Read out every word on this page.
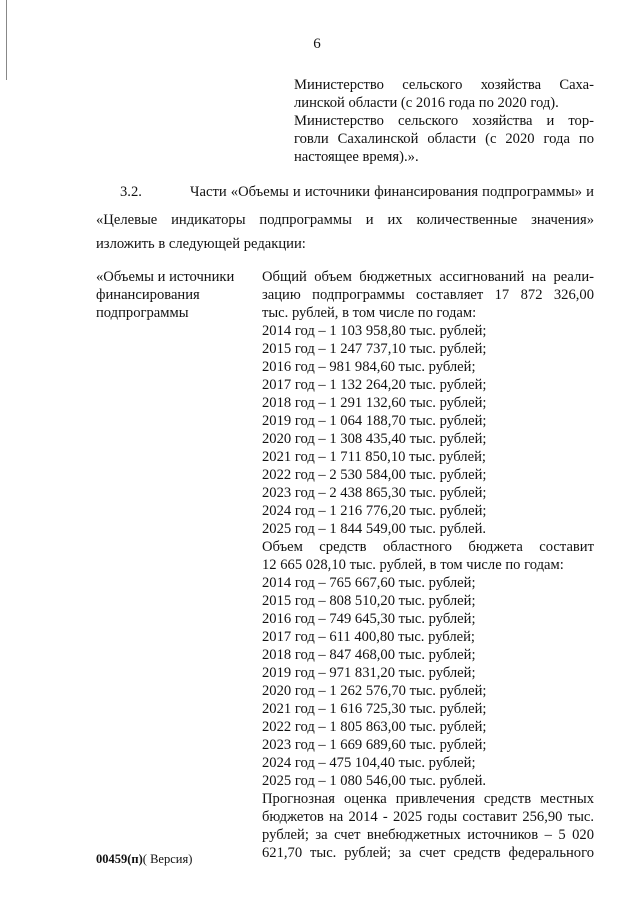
6
Министерство сельского хозяйства Саха-
линской области (с 2016 года по 2020 год).
Министерство сельского хозяйства и тор-
говли Сахалинской области (с 2020 года по
настоящее время).».
3.2.	Части «Объемы и источники финансирования подпрограммы» и
«Целевые индикаторы подпрограммы и их количественные значения»
изложить в следующей редакции:
«Объемы и источники
финансирования
подпрограммы
Общий объем бюджетных ассигнований на реали-
зацию подпрограммы составляет 17 872 326,00
тыс. рублей, в том числе по годам:
2014 год – 1 103 958,80 тыс. рублей;
2015 год – 1 247 737,10 тыс. рублей;
2016 год – 981 984,60 тыс. рублей;
2017 год – 1 132 264,20 тыс. рублей;
2018 год – 1 291 132,60 тыс. рублей;
2019 год – 1 064 188,70 тыс. рублей;
2020 год – 1 308 435,40 тыс. рублей;
2021 год – 1 711 850,10 тыс. рублей;
2022 год – 2 530 584,00 тыс. рублей;
2023 год – 2 438 865,30 тыс. рублей;
2024 год – 1 216 776,20 тыс. рублей;
2025 год – 1 844 549,00 тыс. рублей.
Объем средств областного бюджета составит
12 665 028,10 тыс. рублей, в том числе по годам:
2014 год – 765 667,60 тыс. рублей;
2015 год – 808 510,20 тыс. рублей;
2016 год – 749 645,30 тыс. рублей;
2017 год – 611 400,80 тыс. рублей;
2018 год – 847 468,00 тыс. рублей;
2019 год – 971 831,20 тыс. рублей;
2020 год – 1 262 576,70 тыс. рублей;
2021 год – 1 616 725,30 тыс. рублей;
2022 год – 1 805 863,00 тыс. рублей;
2023 год – 1 669 689,60 тыс. рублей;
2024 год – 475 104,40 тыс. рублей;
2025 год – 1 080 546,00 тыс. рублей.
Прогнозная оценка привлечения средств местных
бюджетов на 2014 - 2025 годы составит 256,90 тыс.
рублей; за счет внебюджетных источников – 5 020
621,70 тыс. рублей; за счет средств федерального
00459(п)( Версия)
